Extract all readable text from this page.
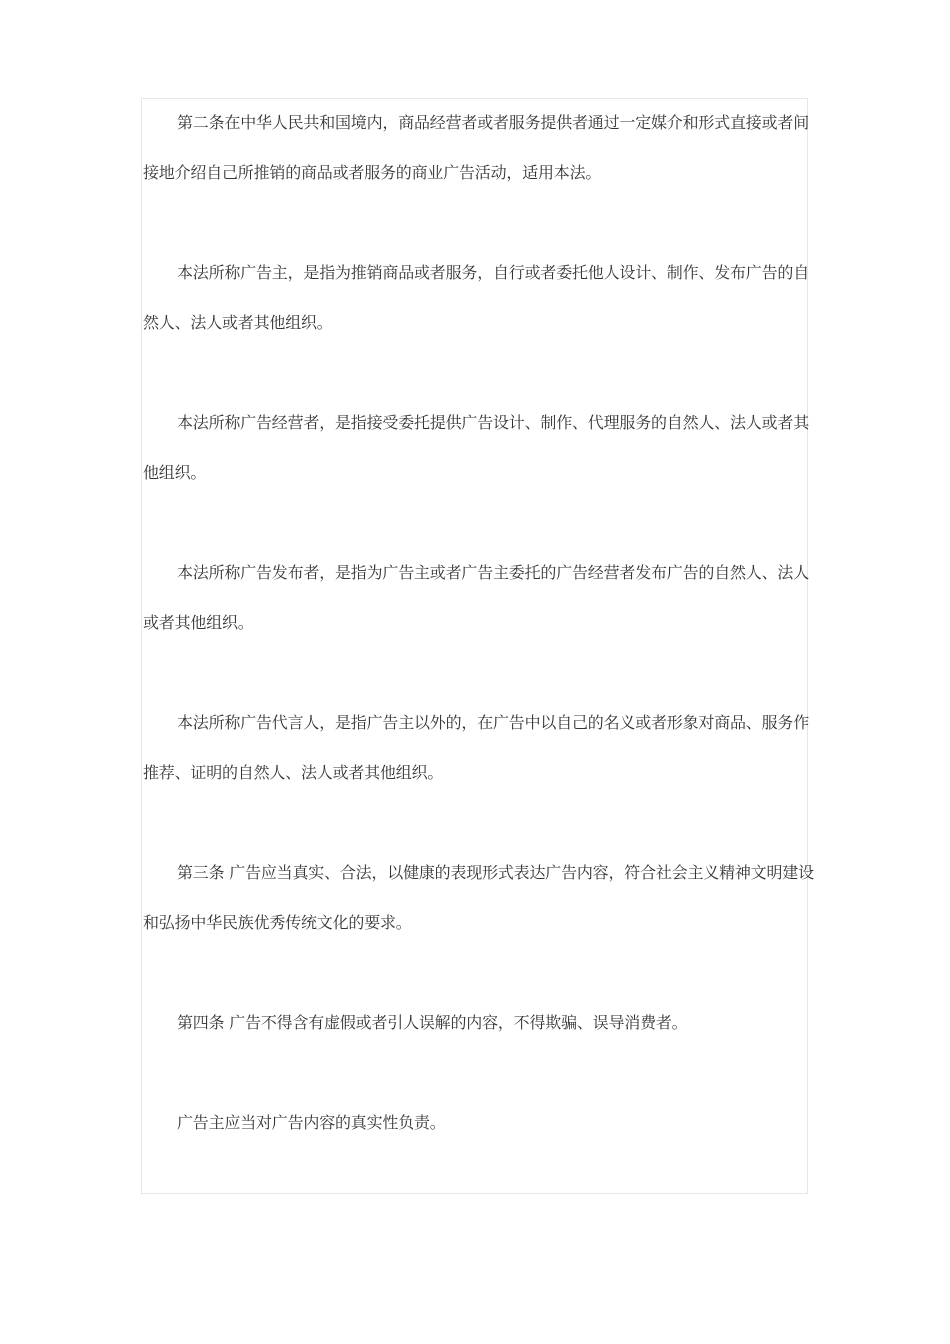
第二条在中华人民共和国境内，商品经营者或者服务提供者通过一定媒介和形式直接或者间接地介绍自己所推销的商品或者服务的商业广告活动，适用本法。

本法所称广告主，是指为推销商品或者服务，自行或者委托他人设计、制作、发布广告的自然人、法人或者其他组织。

本法所称广告经营者，是指接受委托提供广告设计、制作、代理服务的自然人、法人或者其他组织。

本法所称广告发布者，是指为广告主或者广告主委托的广告经营者发布广告的自然人、法人或者其他组织。

本法所称广告代言人，是指广告主以外的，在广告中以自己的名义或者形象对商品、服务作推荐、证明的自然人、法人或者其他组织。

第三条 广告应当真实、合法，以健康的表现形式表达广告内容，符合社会主义精神文明建设和弘扬中华民族优秀传统文化的要求。

第四条 广告不得含有虚假或者引人误解的内容，不得欺骗、误导消费者。

广告主应当对广告内容的真实性负责。
